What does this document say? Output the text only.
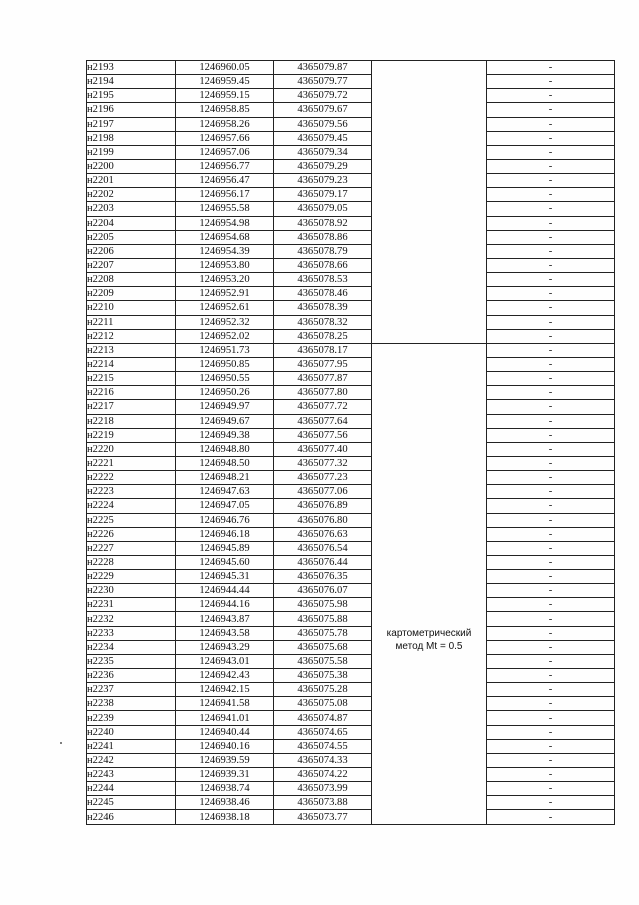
н2193	1246960.05	4365079.87		-
н2194	1246959.45	4365079.77		-
н2195	1246959.15	4365079.72		-
н2196	1246958.85	4365079.67		-
н2197	1246958.26	4365079.56		-
н2198	1246957.66	4365079.45		-
н2199	1246957.06	4365079.34		-
н2200	1246956.77	4365079.29		-
н2201	1246956.47	4365079.23		-
н2202	1246956.17	4365079.17		-
н2203	1246955.58	4365079.05		-
н2204	1246954.98	4365078.92		-
н2205	1246954.68	4365078.86		-
н2206	1246954.39	4365078.79		-
н2207	1246953.80	4365078.66		-
н2208	1246953.20	4365078.53		-
н2209	1246952.91	4365078.46		-
н2210	1246952.61	4365078.39		-
н2211	1246952.32	4365078.32		-
н2212	1246952.02	4365078.25		-
н2213	1246951.73	4365078.17	картометрический метод Mt = 0.5	-
н2214	1246950.85	4365077.95		-
н2215	1246950.55	4365077.87		-
н2216	1246950.26	4365077.80		-
н2217	1246949.97	4365077.72		-
н2218	1246949.67	4365077.64		-
н2219	1246949.38	4365077.56		-
н2220	1246948.80	4365077.40		-
н2221	1246948.50	4365077.32		-
н2222	1246948.21	4365077.23		-
н2223	1246947.63	4365077.06		-
н2224	1246947.05	4365076.89		-
н2225	1246946.76	4365076.80		-
н2226	1246946.18	4365076.63		-
н2227	1246945.89	4365076.54		-
н2228	1246945.60	4365076.44		-
н2229	1246945.31	4365076.35		-
н2230	1246944.44	4365076.07		-
н2231	1246944.16	4365075.98		-
н2232	1246943.87	4365075.88		-
н2233	1246943.58	4365075.78		-
н2234	1246943.29	4365075.68		-
н2235	1246943.01	4365075.58		-
н2236	1246942.43	4365075.38		-
н2237	1246942.15	4365075.28		-
н2238	1246941.58	4365075.08		-
н2239	1246941.01	4365074.87		-
н2240	1246940.44	4365074.65		-
н2241	1246940.16	4365074.55		-
н2242	1246939.59	4365074.33		-
н2243	1246939.31	4365074.22		-
н2244	1246938.74	4365073.99		-
н2245	1246938.46	4365073.88		-
н2246	1246938.18	4365073.77		-
